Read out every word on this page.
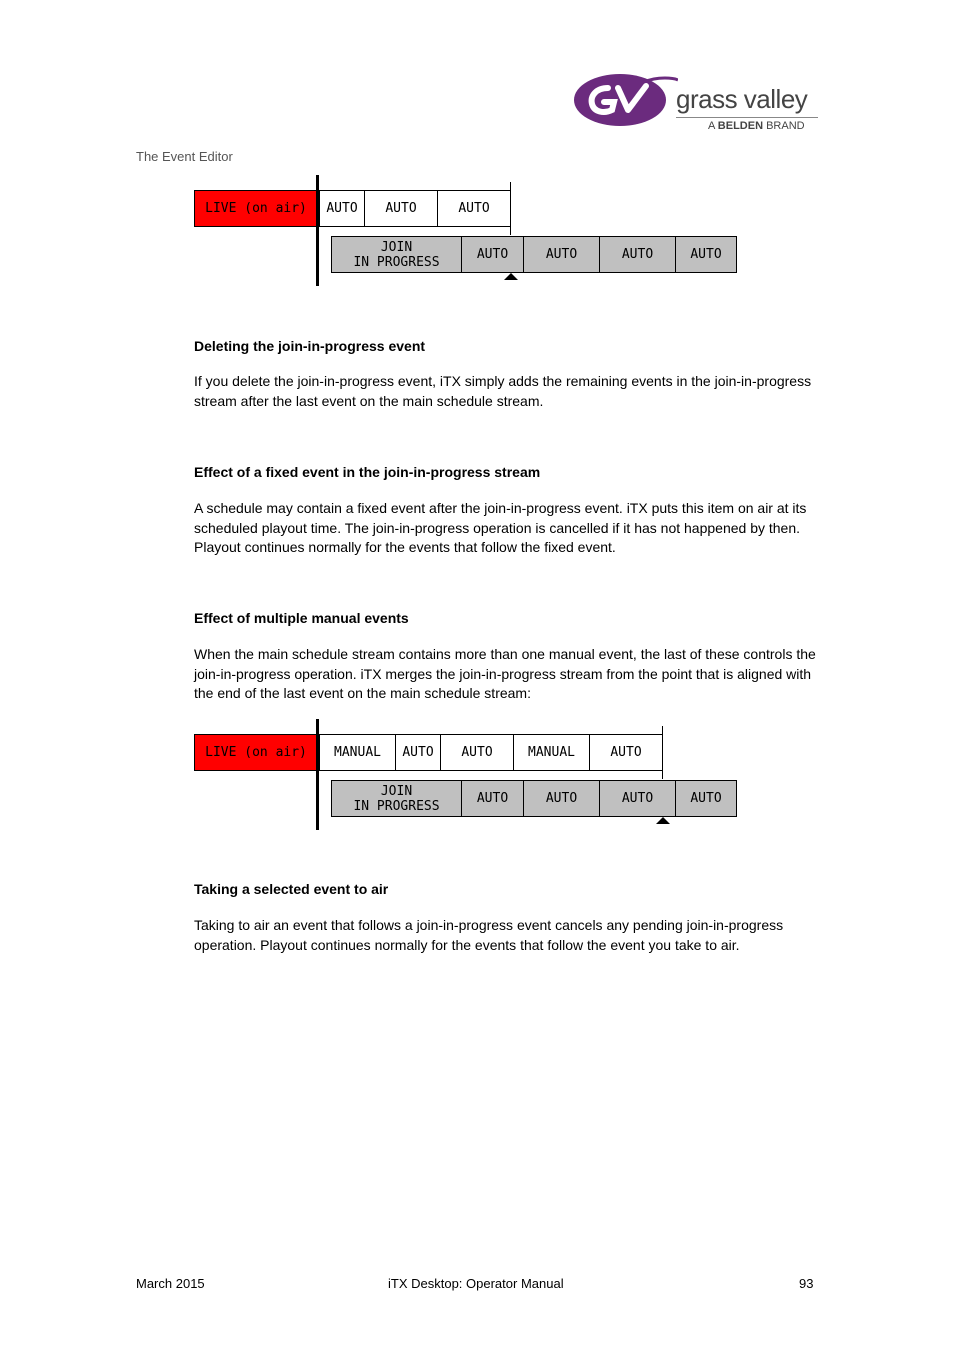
The Event Editor
grass valley
A BELDEN BRAND
LIVE (on air)	AUTO	AUTO	AUTO
JOIN
IN PROGRESS	AUTO	AUTO	AUTO	AUTO
Deleting the join-in-progress event
If you delete the join-in-progress event, iTX simply adds the remaining events in the join-in-progress stream after the last event on the main schedule stream.
Effect of a fixed event in the join-in-progress stream
A schedule may contain a fixed event after the join-in-progress event. iTX puts this item on air at its scheduled playout time. The join-in-progress operation is cancelled if it has not happened by then. Playout continues normally for the events that follow the fixed event.
Effect of multiple manual events
When the main schedule stream contains more than one manual event, the last of these controls the join-in-progress operation. iTX merges the join-in-progress stream from the point that is aligned with the end of the last event on the main schedule stream:
LIVE (on air)	MANUAL	AUTO	AUTO	MANUAL	AUTO
JOIN
IN PROGRESS	AUTO	AUTO	AUTO	AUTO
Taking a selected event to air
Taking to air an event that follows a join-in-progress event cancels any pending join-in-progress operation. Playout continues normally for the events that follow the event you take to air.
March 2015	iTX Desktop: Operator Manual	93
